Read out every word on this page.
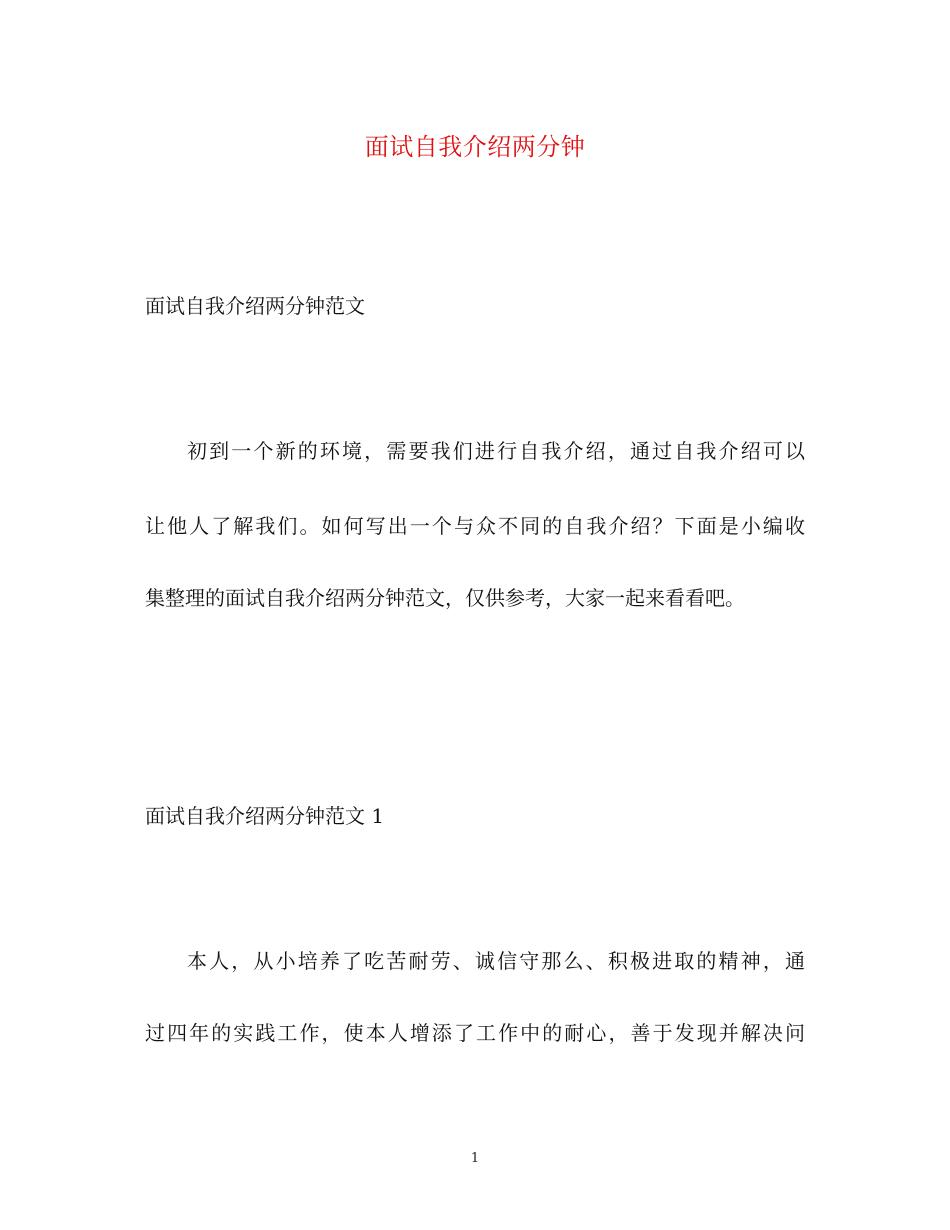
面试自我介绍两分钟
面试自我介绍两分钟范文
初到一个新的环境，需要我们进行自我介绍，通过自我介绍可以
让他人了解我们。如何写出一个与众不同的自我介绍？下面是小编收
集整理的面试自我介绍两分钟范文，仅供参考，大家一起来看看吧。
面试自我介绍两分钟范文 1
本人，从小培养了吃苦耐劳、诚信守那么、积极进取的精神，通
过四年的实践工作，使本人增添了工作中的耐心，善于发现并解决问
1
